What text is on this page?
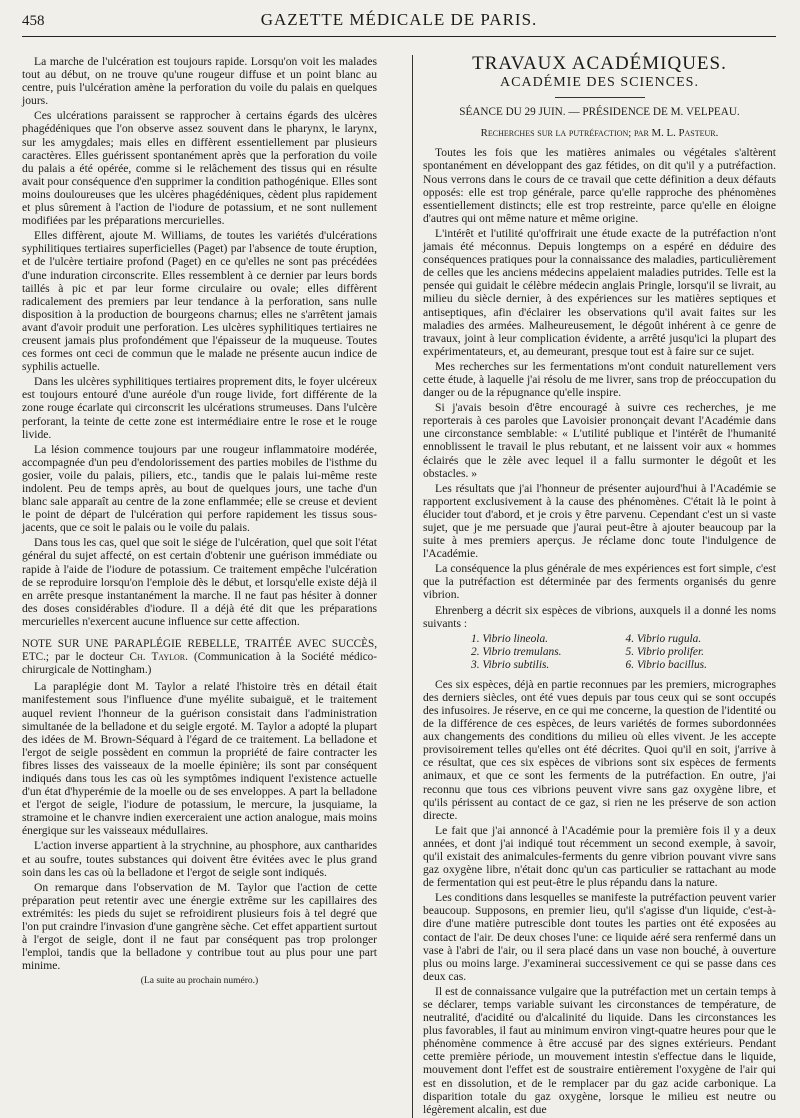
458	GAZETTE MÉDICALE DE PARIS.

La marche de l'ulcération est toujours rapide. Lorsqu'on voit les malades tout au début, on ne trouve qu'une rougeur diffuse et un point blanc au centre, puis l'ulcération amène la perforation du voile du palais en quelques jours.

Ces ulcérations paraissent se rapprocher à certains égards des ulcères phagédéniques que l'on observe assez souvent dans le pharynx, le larynx, sur les amygdales; mais elles en diffèrent essentiellement par plusieurs caractères. Elles guérissent spontanément après que la perforation du voile du palais a été opérée, comme si le relâchement des tissus qui en résulte avait pour conséquence d'en supprimer la condition pathogénique. Elles sont moins douloureuses que les ulcères phagédéniques, cèdent plus rapidement et plus sûrement à l'action de l'iodure de potassium, et ne sont nullement modifiées par les préparations mercurielles.

Elles diffèrent, ajoute M. Williams, de toutes les variétés d'ulcérations syphilitiques tertiaires superficielles (Paget) par l'absence de toute éruption, et de l'ulcère tertiaire profond (Paget) en ce qu'elles ne sont pas précédées d'une induration circonscrite. Elles ressemblent à ce dernier par leurs bords taillés à pic et par leur forme circulaire ou ovale; elles diffèrent radicalement des premiers par leur tendance à la perforation, sans nulle disposition à la production de bourgeons charnus; elles ne s'arrêtent jamais avant d'avoir produit une perforation. Les ulcères syphilitiques tertiaires ne creusent jamais plus profondément que l'épaisseur de la muqueuse. Toutes ces formes ont ceci de commun que le malade ne présente aucun indice de syphilis actuelle.

Dans les ulcères syphilitiques tertiaires proprement dits, le foyer ulcéreux est toujours entouré d'une auréole d'un rouge livide, fort différente de la zone rouge écarlate qui circonscrit les ulcérations strumeuses. Dans l'ulcère perforant, la teinte de cette zone est intermédiaire entre le rose et le rouge livide.

La lésion commence toujours par une rougeur inflammatoire modérée, accompagnée d'un peu d'endolorissement des parties mobiles de l'isthme du gosier, voile du palais, piliers, etc., tandis que le palais lui-même reste indolent. Peu de temps après, au bout de quelques jours, une tache d'un blanc sale apparaît au centre de la zone enflammée; elle se creuse et devient le point de départ de l'ulcération qui perfore rapidement les tissus sous-jacents, que ce soit le palais ou le voile du palais.

Dans tous les cas, quel que soit le siége de l'ulcération, quel que soit l'état général du sujet affecté, on est certain d'obtenir une guérison immédiate ou rapide à l'aide de l'iodure de potassium. Ce traitement empêche l'ulcération de se reproduire lorsqu'on l'emploie dès le début, et lorsqu'elle existe déjà il en arrête presque instantanément la marche. Il ne faut pas hésiter à donner des doses considérables d'iodure. Il a déjà été dit que les préparations mercurielles n'exercent aucune influence sur cette affection.

NOTE SUR UNE PARAPLÉGIE REBELLE, TRAITÉE AVEC SUCCÈS, ETC.; par le docteur Ch. Taylor. (Communication à la Société médico-chirurgicale de Nottingham.)

La paraplégie dont M. Taylor a relaté l'histoire très en détail était manifestement sous l'influence d'une myélite subaiguë, et le traitement auquel revient l'honneur de la guérison consistait dans l'administration simultanée de la belladone et du seigle ergoté. M. Taylor a adopté la plupart des idées de M. Brown-Séquard à l'égard de ce traitement. La belladone et l'ergot de seigle possèdent en commun la propriété de faire contracter les fibres lisses des vaisseaux de la moelle épinière; ils sont par conséquent indiqués dans tous les cas où les symptômes indiquent l'existence actuelle d'un état d'hyperémie de la moelle ou de ses enveloppes. A part la belladone et l'ergot de seigle, l'iodure de potassium, le mercure, la jusquiame, la stramoine et le chanvre indien exerceraient une action analogue, mais moins énergique sur les vaisseaux médullaires.

L'action inverse appartient à la strychnine, au phosphore, aux cantharides et au soufre, toutes substances qui doivent être évitées avec le plus grand soin dans les cas où la belladone et l'ergot de seigle sont indiqués.

On remarque dans l'observation de M. Taylor que l'action de cette préparation peut retentir avec une énergie extrême sur les capillaires des extrémités: les pieds du sujet se refroidirent plusieurs fois à tel degré que l'on put craindre l'invasion d'une gangrène sèche. Cet effet appartient surtout à l'ergot de seigle, dont il ne faut par conséquent pas trop prolonger l'emploi, tandis que la belladone y contribue tout au plus pour une part minime.

(La suite au prochain numéro.)
TRAVAUX ACADÉMIQUES.
ACADÉMIE DES SCIENCES.
SÉANCE DU 29 JUIN. — PRÉSIDENCE DE M. VELPEAU.
Recherches sur la putréfaction; par M. L. Pasteur.

Toutes les fois que les matières animales ou végétales s'altèrent spontanément en développant des gaz fétides, on dit qu'il y a putréfaction. Nous verrons dans le cours de ce travail que cette définition a deux défauts opposés: elle est trop générale, parce qu'elle rapproche des phénomènes essentiellement distincts; elle est trop restreinte, parce qu'elle en éloigne d'autres qui ont même nature et même origine.

L'intérêt et l'utilité qu'offrirait une étude exacte de la putréfaction n'ont jamais été méconnus. Depuis longtemps on a espéré en déduire des conséquences pratiques pour la connaissance des maladies, particulièrement de celles que les anciens médecins appelaient maladies putrides. Telle est la pensée qui guidait le célèbre médecin anglais Pringle, lorsqu'il se livrait, au milieu du siècle dernier, à des expériences sur les matières septiques et antiseptiques, afin d'éclairer les observations qu'il avait faites sur les maladies des armées. Malheureusement, le dégoût inhérent à ce genre de travaux, joint à leur complication évidente, a arrêté jusqu'ici la plupart des expérimentateurs, et, au demeurant, presque tout est à faire sur ce sujet.

Mes recherches sur les fermentations m'ont conduit naturellement vers cette étude, à laquelle j'ai résolu de me livrer, sans trop de préoccupation du danger ou de la répugnance qu'elle inspire.

Si j'avais besoin d'être encouragé à suivre ces recherches, je me reporterais à ces paroles que Lavoisier prononçait devant l'Académie dans une circonstance semblable: « L'utilité publique et l'intérêt de l'humanité ennoblissent le travail le plus rebutant, et ne laissent voir aux « hommes éclairés que le zèle avec lequel il a fallu surmonter le dégoût et les obstacles. »

Les résultats que j'ai l'honneur de présenter aujourd'hui à l'Académie se rapportent exclusivement à la cause des phénomènes. C'était là le point à élucider tout d'abord, et je crois y être parvenu. Cependant c'est un si vaste sujet, que je me persuade que j'aurai peut-être à ajouter beaucoup par la suite à mes premiers aperçus. Je réclame donc toute l'indulgence de l'Académie.

La conséquence la plus générale de mes expériences est fort simple, c'est que la putréfaction est déterminée par des ferments organisés du genre vibrion.

Ehrenberg a décrit six espèces de vibrions, auxquels il a donné les noms suivants :

1. Vibrio lineola.	4. Vibrio rugula.
2. Vibrio tremulans.	5. Vibrio prolifer.
3. Vibrio subtilis.	6. Vibrio bacillus.

Ces six espèces, déjà en partie reconnues par les premiers, micrographes des derniers siècles, ont été vues depuis par tous ceux qui se sont occupés des infusoires. Je réserve, en ce qui me concerne, la question de l'identité ou de la différence de ces espèces, de leurs variétés de formes subordonnées aux changements des conditions du milieu où elles vivent. Je les accepte provisoirement telles qu'elles ont été décrites. Quoi qu'il en soit, j'arrive à ce résultat, que ces six espèces de vibrions sont six espèces de ferments animaux, et que ce sont les ferments de la putréfaction. En outre, j'ai reconnu que tous ces vibrions peuvent vivre sans gaz oxygène libre, et qu'ils périssent au contact de ce gaz, si rien ne les préserve de son action directe.

Le fait que j'ai annoncé à l'Académie pour la première fois il y a deux années, et dont j'ai indiqué tout récemment un second exemple, à savoir, qu'il existait des animalcules-ferments du genre vibrion pouvant vivre sans gaz oxygène libre, n'était donc qu'un cas particulier se rattachant au mode de fermentation qui est peut-être le plus répandu dans la nature.

Les conditions dans lesquelles se manifeste la putréfaction peuvent varier beaucoup. Supposons, en premier lieu, qu'il s'agisse d'un liquide, c'est-à-dire d'une matière putrescible dont toutes les parties ont été exposées au contact de l'air. De deux choses l'une: ce liquide aéré sera renfermé dans un vase à l'abri de l'air, ou il sera placé dans un vase non bouché, à ouverture plus ou moins large. J'examinerai successivement ce qui se passe dans ces deux cas.

Il est de connaissance vulgaire que la putréfaction met un certain temps à se déclarer, temps variable suivant les circonstances de température, de neutralité, d'acidité ou d'alcalinité du liquide. Dans les circonstances les plus favorables, il faut au minimum environ vingt-quatre heures pour que le phénomène commence à être accusé par des signes extérieurs. Pendant cette première période, un mouvement intestin s'effectue dans le liquide, mouvement dont l'effet est de soustraire entièrement l'oxygène de l'air qui est en dissolution, et de le remplacer par du gaz acide carbonique. La disparition totale du gaz oxygène, lorsque le milieu est neutre ou légèrement alcalin, est due
